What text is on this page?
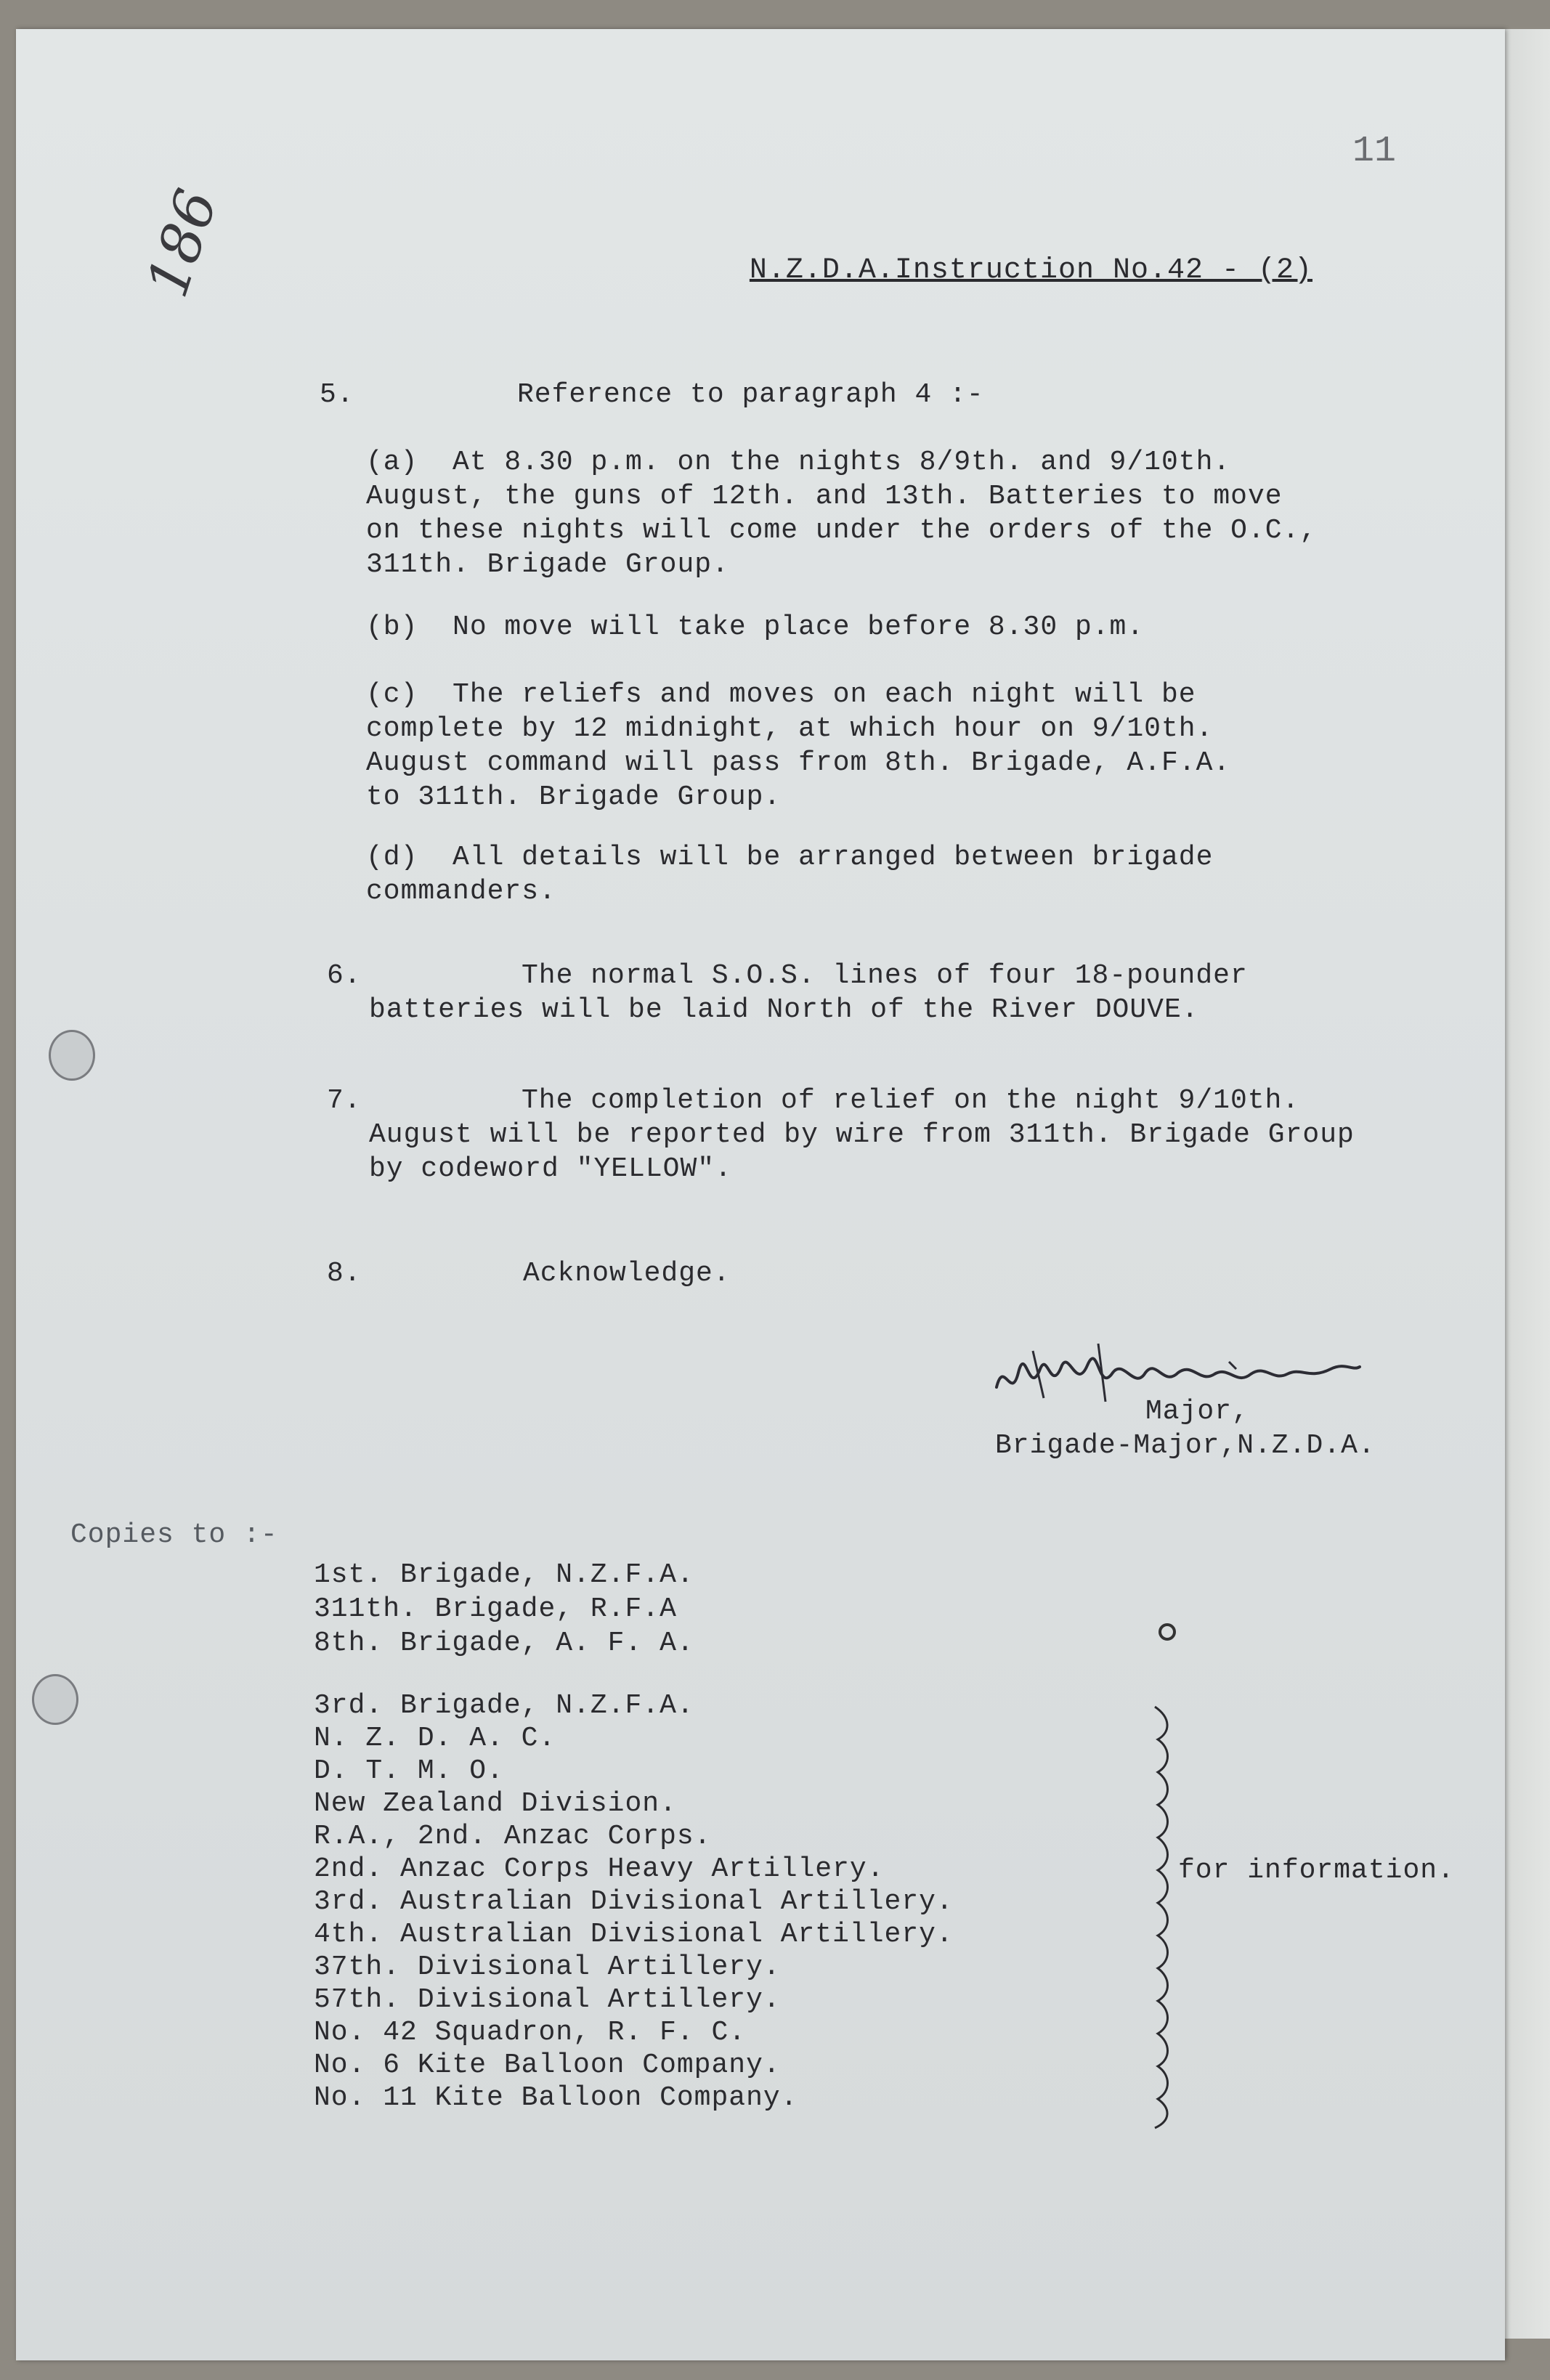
11
186	N.Z.D.A.Instruction No.42 - (2)
5.	Reference to paragraph 4 :-
(a)  At 8.30 p.m. on the nights 8/9th. and 9/10th.
August, the guns of 12th. and 13th. Batteries to move
on these nights will come under the orders of the O.C.,
311th. Brigade Group.
(b)  No move will take place before 8.30 p.m.
(c)  The reliefs and moves on each night will be
complete by 12 midnight, at which hour on 9/10th.
August command will pass from 8th. Brigade, A.F.A.
to 311th. Brigade Group.
(d)  All details will be arranged between brigade
commanders.
6.	The normal S.O.S. lines of four 18-pounder
batteries will be laid North of the River DOUVE.
7.	The completion of relief on the night 9/10th.
August will be reported by wire from 311th. Brigade Group
by codeword "YELLOW".
8.	Acknowledge.
Major,
Brigade-Major,N.Z.D.A.
Copies to :-
1st. Brigade, N.Z.F.A.
311th. Brigade, R.F.A
8th. Brigade, A. F. A.
3rd. Brigade, N.Z.F.A.
N. Z. D. A. C.
D. T. M. O.
New Zealand Division.
R.A., 2nd. Anzac Corps.
2nd. Anzac Corps Heavy Artillery.
3rd. Australian Divisional Artillery.
4th. Australian Divisional Artillery.
37th. Divisional Artillery.
57th. Divisional Artillery.
No. 42 Squadron, R. F. C.
No. 6 Kite Balloon Company.
No. 11 Kite Balloon Company.
for information.
